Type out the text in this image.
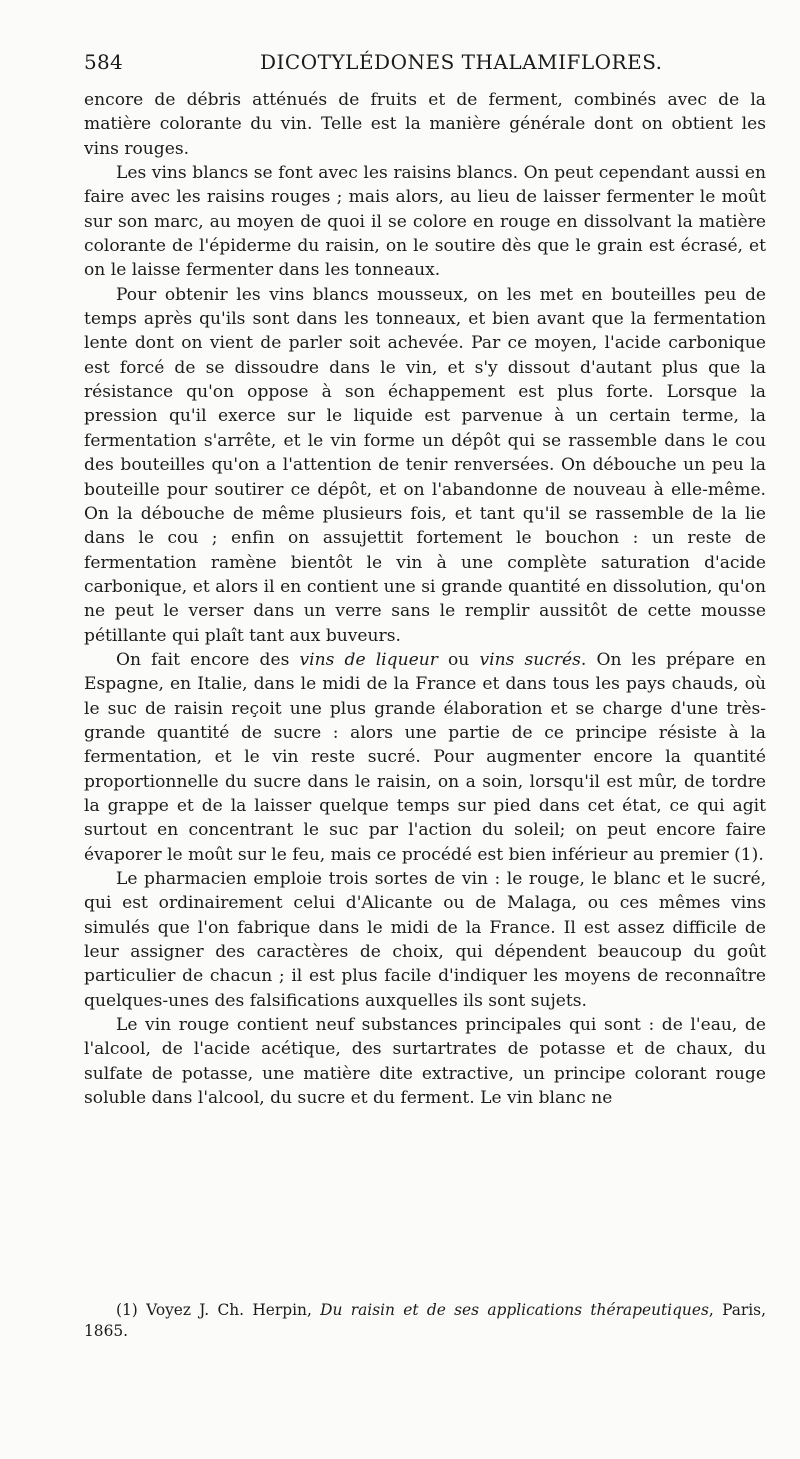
584	DICOTYLÉDONES THALAMIFLORES.

encore de débris atténués de fruits et de ferment, combinés avec de la matière colorante du vin. Telle est la manière générale dont on obtient les vins rouges.

Les vins blancs se font avec les raisins blancs. On peut cependant aussi en faire avec les raisins rouges ; mais alors, au lieu de laisser fermenter le moût sur son marc, au moyen de quoi il se colore en rouge en dissolvant la matière colorante de l'épiderme du raisin, on le soutire dès que le grain est écrasé, et on le laisse fermenter dans les tonneaux.

Pour obtenir les vins blancs mousseux, on les met en bouteilles peu de temps après qu'ils sont dans les tonneaux, et bien avant que la fermentation lente dont on vient de parler soit achevée. Par ce moyen, l'acide carbonique est forcé de se dissoudre dans le vin, et s'y dissout d'autant plus que la résistance qu'on oppose à son échappement est plus forte. Lorsque la pression qu'il exerce sur le liquide est parvenue à un certain terme, la fermentation s'arrête, et le vin forme un dépôt qui se rassemble dans le cou des bouteilles qu'on a l'attention de tenir renversées. On débouche un peu la bouteille pour soutirer ce dépôt, et on l'abandonne de nouveau à elle-même. On la débouche de même plusieurs fois, et tant qu'il se rassemble de la lie dans le cou ; enfin on assujettit fortement le bouchon : un reste de fermentation ramène bientôt le vin à une complète saturation d'acide carbonique, et alors il en contient une si grande quantité en dissolution, qu'on ne peut le verser dans un verre sans le remplir aussitôt de cette mousse pétillante qui plaît tant aux buveurs.

On fait encore des vins de liqueur ou vins sucrés. On les prépare en Espagne, en Italie, dans le midi de la France et dans tous les pays chauds, où le suc de raisin reçoit une plus grande élaboration et se charge d'une très-grande quantité de sucre : alors une partie de ce principe résiste à la fermentation, et le vin reste sucré. Pour augmenter encore la quantité proportionnelle du sucre dans le raisin, on a soin, lorsqu'il est mûr, de tordre la grappe et de la laisser quelque temps sur pied dans cet état, ce qui agit surtout en concentrant le suc par l'action du soleil; on peut encore faire évaporer le moût sur le feu, mais ce procédé est bien inférieur au premier (1).

Le pharmacien emploie trois sortes de vin : le rouge, le blanc et le sucré, qui est ordinairement celui d'Alicante ou de Malaga, ou ces mêmes vins simulés que l'on fabrique dans le midi de la France. Il est assez difficile de leur assigner des caractères de choix, qui dépendent beaucoup du goût particulier de chacun ; il est plus facile d'indiquer les moyens de reconnaître quelques-unes des falsifications auxquelles ils sont sujets.

Le vin rouge contient neuf substances principales qui sont : de l'eau, de l'alcool, de l'acide acétique, des surtartrates de potasse et de chaux, du sulfate de potasse, une matière dite extractive, un principe colorant rouge soluble dans l'alcool, du sucre et du ferment. Le vin blanc ne

(1) Voyez J. Ch. Herpin, Du raisin et de ses applications thérapeutiques, Paris, 1865.
